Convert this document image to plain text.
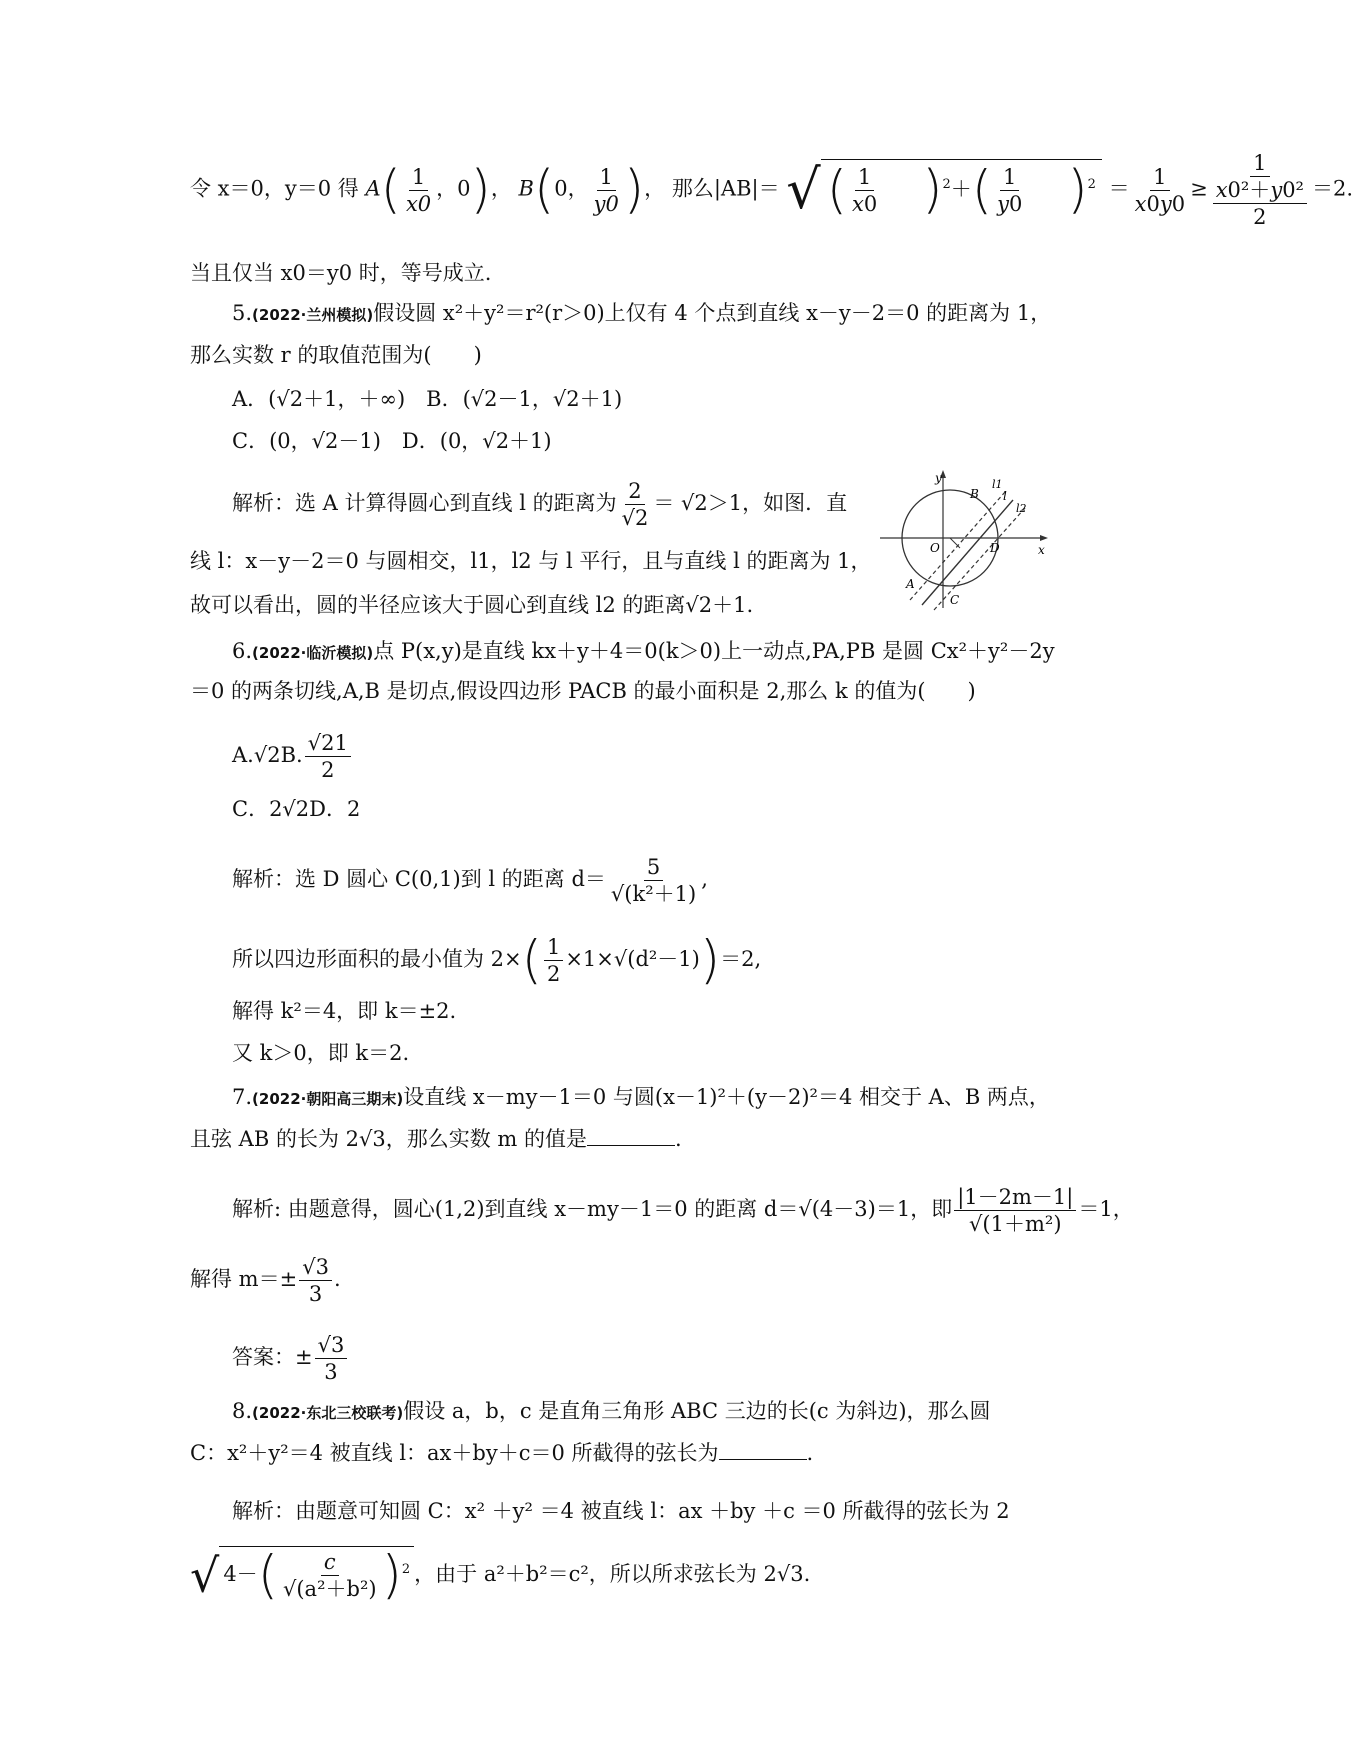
令 x＝0，y＝0 得 $A( \frac{1}{x0}$ ，0)， B(0， $\frac{1}{y0}$ )， 那么|AB|＝ √ ( $\frac{1}{x0} )^2+( \frac{1}{y0} )^2 = \frac{1}{x0y0} \ge \frac{1}{\frac{\text{x0²＋y0²}}{2}} =2$.
当且仅当 x0＝y0 时，等号成立.
5.(2022·兰州模拟)假设圆 x²＋y²＝r²(r＞0)上仅有 4 个点到直线 x－y－2＝0 的距离为 1，
那么实数 r 的取值范围为(　　)
A．(√2＋1，＋∞)　B．(√2－1，√2＋1)
C．(0，√2－1)　D．(0，√2＋1)
解析：选 A 计算得圆心到直线 l 的距离为 $\frac{2}{√2} = √2>1$，如图．直
线 l：x－y－2＝0 与圆相交，l1，l2 与 l 平行，且与直线 l 的距离为 1，
故可以看出，圆的半径应该大于圆心到直线 l2 的距离√2＋1.
y
B
l1
l
l2
O	D	x
A
C
6.(2022·临沂模拟)点 P(x,y)是直线 kx＋y＋4＝0(k＞0)上一动点,PA,PB 是圆 Cx²＋y²－2y
＝0 的两条切线,A,B 是切点,假设四边形 PACB 的最小面积是 2,那么 k 的值为(　　)
A.√2B. $\frac{√21}{2}$
C．2√2D．2
解析：选 D 圆心 C(0,1)到 l 的距离 $d= \frac{5}{\text{√(k²＋1)}}$ ,
所以四边形面积的最小值为 $2\times( \frac{1}{2} \times 1\times√(d^2-1))=2$,
解得 k²＝4，即 k＝±2.
又 k＞0，即 k＝2.
7.(2022·朝阳高三期末)设直线 x－my－1＝0 与圆(x－1)²＋(y－2)²＝4 相交于 A、B 两点，
且弦 AB 的长为 2√3，那么实数 m 的值是	.
解析: 由题意得，圆心(1,2)到直线 x－my－1＝0 的距离 d＝√(4－3)＝1，即 $\frac{|1-2m-1|}{\text{√(1＋m²)}} =1$，
解得 $m=\pm \frac{√3}{3}$ .
答案：± $\frac{√3}{3}$
8.(2022·东北三校联考)假设 a，b，c 是直角三角形 ABC 三边的长(c 为斜边)，那么圆
C：x²＋y²＝4 被直线 l：ax＋by＋c＝0 所截得的弦长为	.
解析：由题意可知圆 C：x² ＋y² ＝4 被直线 l：ax ＋by ＋c ＝0 所截得的弦长为 2
√ $4-( \frac{c}{\text{√(a²＋b²)}} )^2$ ，由于 a²＋b²＝c²，所以所求弦长为 2√3.
